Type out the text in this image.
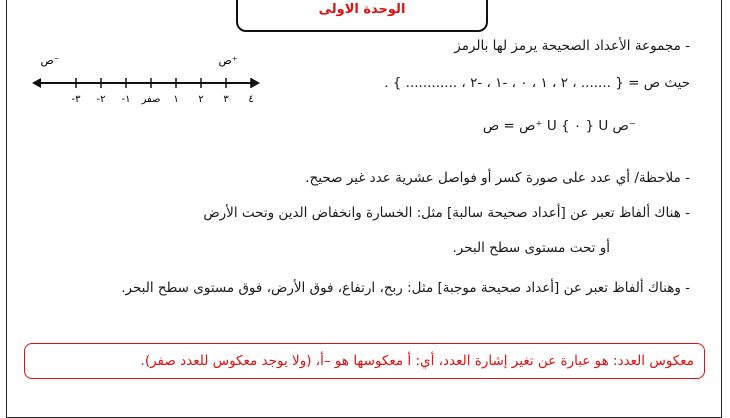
الوحدة الاولى
- مجموعة الأعداد الصحيحة يرمز لها بالرمز
ص⁺
ص⁻
-٣ -٢ -١ صفر ١ ٢ ٣ ٤
حيث ص = { ....... ، ٢ ، ١ ، ٠ ، -١ ، -٢ ، ............ } .
ص = ص⁺ U { ٠ } U ص⁻
- ملاحظة/ أي عدد على صورة كسر أو فواصل عشرية عدد غير صحيح.
- هناك ألفاظ تعبر عن [أعداد صحيحة سالبة] مثل: الخسارة وانخفاض الدين وتحت الأرض
أو تحت مستوى سطح البحر.
- وهناك ألفاظ تعبر عن [أعداد صحيحة موجبة] مثل: ربح، ارتفاع، فوق الأرض، فوق مستوى سطح البحر.
معكوس العدد: هو عبارة عن تغير إشارة العدد، أي: أ معكوسها هو –أ، (ولا يوجد معكوس للعدد صفر).
